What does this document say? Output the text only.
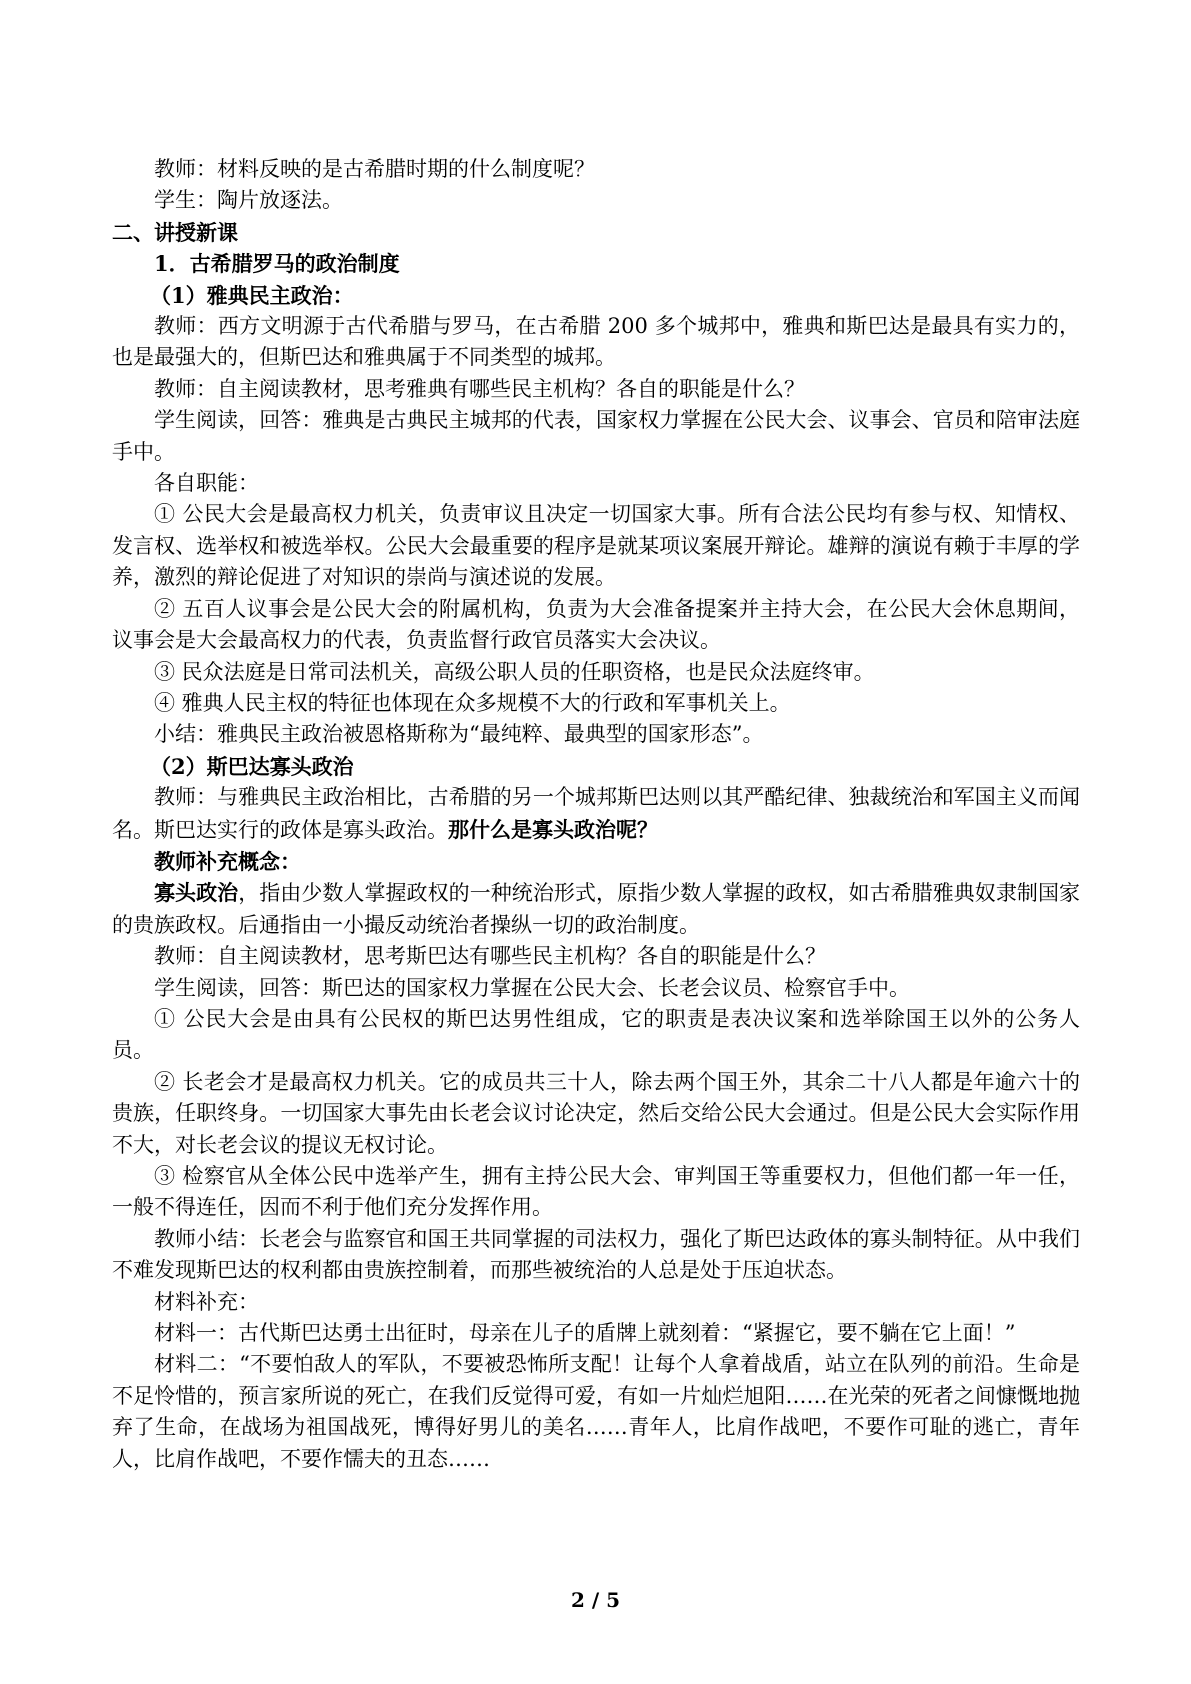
教师：材料反映的是古希腊时期的什么制度呢？

学生：陶片放逐法。

二、讲授新课

1．古希腊罗马的政治制度

（1）雅典民主政治：

教师：西方文明源于古代希腊与罗马，在古希腊 200 多个城邦中，雅典和斯巴达是最具有实力的，也是最强大的，但斯巴达和雅典属于不同类型的城邦。

教师：自主阅读教材，思考雅典有哪些民主机构？各自的职能是什么？

学生阅读，回答：雅典是古典民主城邦的代表，国家权力掌握在公民大会、议事会、官员和陪审法庭手中。

各自职能：

① 公民大会是最高权力机关，负责审议且决定一切国家大事。所有合法公民均有参与权、知情权、发言权、选举权和被选举权。公民大会最重要的程序是就某项议案展开辩论。雄辩的演说有赖于丰厚的学养，激烈的辩论促进了对知识的崇尚与演述说的发展。

② 五百人议事会是公民大会的附属机构，负责为大会准备提案并主持大会，在公民大会休息期间，议事会是大会最高权力的代表，负责监督行政官员落实大会决议。

③ 民众法庭是日常司法机关，高级公职人员的任职资格，也是民众法庭终审。

④ 雅典人民主权的特征也体现在众多规模不大的行政和军事机关上。

小结：雅典民主政治被恩格斯称为“最纯粹、最典型的国家形态”。

（2）斯巴达寡头政治

教师：与雅典民主政治相比，古希腊的另一个城邦斯巴达则以其严酷纪律、独裁统治和军国主义而闻名。斯巴达实行的政体是寡头政治。那什么是寡头政治呢？

教师补充概念：

寡头政治，指由少数人掌握政权的一种统治形式，原指少数人掌握的政权，如古希腊雅典奴隶制国家的贵族政权。后通指由一小撮反动统治者操纵一切的政治制度。

教师：自主阅读教材，思考斯巴达有哪些民主机构？各自的职能是什么？

学生阅读，回答：斯巴达的国家权力掌握在公民大会、长老会议员、检察官手中。

① 公民大会是由具有公民权的斯巴达男性组成，它的职责是表决议案和选举除国王以外的公务人员。

② 长老会才是最高权力机关。它的成员共三十人，除去两个国王外，其余二十八人都是年逾六十的贵族，任职终身。一切国家大事先由长老会议讨论决定，然后交给公民大会通过。但是公民大会实际作用不大，对长老会议的提议无权讨论。

③ 检察官从全体公民中选举产生，拥有主持公民大会、审判国王等重要权力，但他们都一年一任，一般不得连任，因而不利于他们充分发挥作用。

教师小结：长老会与监察官和国王共同掌握的司法权力，强化了斯巴达政体的寡头制特征。从中我们不难发现斯巴达的权利都由贵族控制着，而那些被统治的人总是处于压迫状态。

材料补充：

材料一：古代斯巴达勇士出征时，母亲在儿子的盾牌上就刻着：“紧握它，要不躺在它上面！”

材料二：“不要怕敌人的军队，不要被恐怖所支配！让每个人拿着战盾，站立在队列的前沿。生命是不足怜惜的，预言家所说的死亡，在我们反觉得可爱，有如一片灿烂旭阳……在光荣的死者之间慷慨地抛弃了生命，在战场为祖国战死，博得好男儿的美名……青年人，比肩作战吧，不要作可耻的逃亡，青年人，比肩作战吧，不要作懦夫的丑态……

2 / 5
